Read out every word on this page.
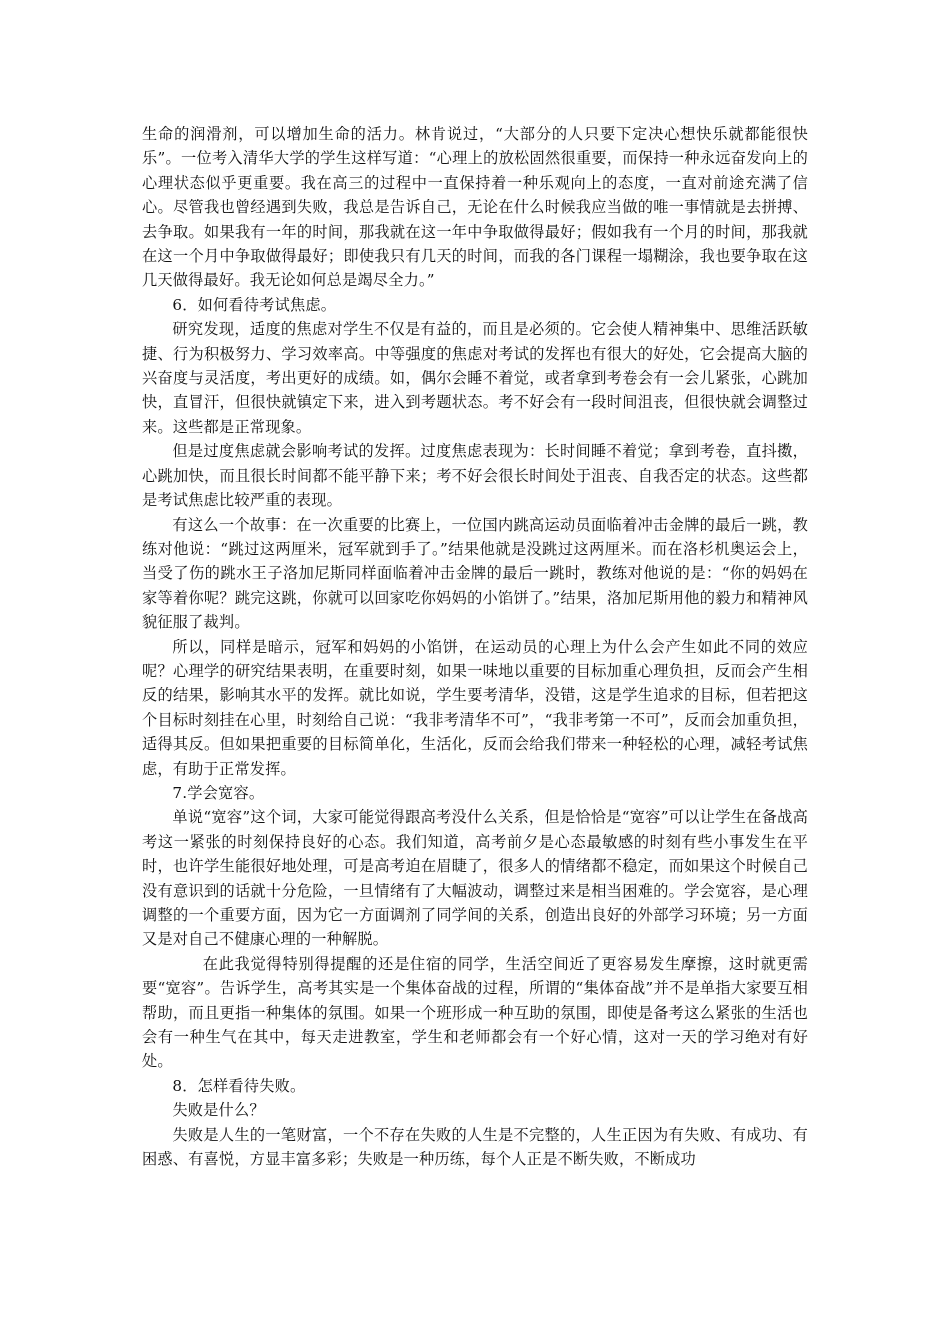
生命的润滑剂，可以增加生命的活力。林肯说过，“大部分的人只要下定决心想快乐就都能很快乐”。一位考入清华大学的学生这样写道：“心理上的放松固然很重要，而保持一种永远奋发向上的心理状态似乎更重要。我在高三的过程中一直保持着一种乐观向上的态度，一直对前途充满了信心。尽管我也曾经遇到失败，我总是告诉自己，无论在什么时候我应当做的唯一事情就是去拼搏、去争取。如果我有一年的时间，那我就在这一年中争取做得最好；假如我有一个月的时间，那我就在这一个月中争取做得最好；即使我只有几天的时间，而我的各门课程一塌糊涂，我也要争取在这几天做得最好。我无论如何总是竭尽全力。”

6．如何看待考试焦虑。

研究发现，适度的焦虑对学生不仅是有益的，而且是必须的。它会使人精神集中、思维活跃敏捷、行为积极努力、学习效率高。中等强度的焦虑对考试的发挥也有很大的好处，它会提高大脑的兴奋度与灵活度，考出更好的成绩。如，偶尔会睡不着觉，或者拿到考卷会有一会儿紧张，心跳加快，直冒汗，但很快就镇定下来，进入到考题状态。考不好会有一段时间沮丧，但很快就会调整过来。这些都是正常现象。

但是过度焦虑就会影响考试的发挥。过度焦虑表现为：长时间睡不着觉；拿到考卷，直抖擞，心跳加快，而且很长时间都不能平静下来；考不好会很长时间处于沮丧、自我否定的状态。这些都是考试焦虑比较严重的表现。

有这么一个故事：在一次重要的比赛上，一位国内跳高运动员面临着冲击金牌的最后一跳，教练对他说：“跳过这两厘米，冠军就到手了。”结果他就是没跳过这两厘米。而在洛杉机奥运会上，当受了伤的跳水王子洛加尼斯同样面临着冲击金牌的最后一跳时，教练对他说的是：“你的妈妈在家等着你呢？跳完这跳，你就可以回家吃你妈妈的小馅饼了。”结果，洛加尼斯用他的毅力和精神风貌征服了裁判。

所以，同样是暗示，冠军和妈妈的小馅饼，在运动员的心理上为什么会产生如此不同的效应呢？心理学的研究结果表明，在重要时刻，如果一味地以重要的目标加重心理负担，反而会产生相反的结果，影响其水平的发挥。就比如说，学生要考清华，没错，这是学生追求的目标，但若把这个目标时刻挂在心里，时刻给自己说：“我非考清华不可”，“我非考第一不可”，反而会加重负担，适得其反。但如果把重要的目标简单化，生活化，反而会给我们带来一种轻松的心理，减轻考试焦虑，有助于正常发挥。

7.学会宽容。

单说“宽容”这个词，大家可能觉得跟高考没什么关系，但是恰恰是“宽容”可以让学生在备战高考这一紧张的时刻保持良好的心态。我们知道，高考前夕是心态最敏感的时刻有些小事发生在平时，也许学生能很好地处理，可是高考迫在眉睫了，很多人的情绪都不稳定，而如果这个时候自己没有意识到的话就十分危险，一旦情绪有了大幅波动，调整过来是相当困难的。学会宽容，是心理调整的一个重要方面，因为它一方面调剂了同学间的关系，创造出良好的外部学习环境；另一方面又是对自己不健康心理的一种解脱。

在此我觉得特别得提醒的还是住宿的同学，生活空间近了更容易发生摩擦，这时就更需要“宽容”。告诉学生，高考其实是一个集体奋战的过程，所谓的“集体奋战”并不是单指大家要互相帮助，而且更指一种集体的氛围。如果一个班形成一种互助的氛围，即使是备考这么紧张的生活也会有一种生气在其中，每天走进教室，学生和老师都会有一个好心情，这对一天的学习绝对有好处。

8．怎样看待失败。

失败是什么？

失败是人生的一笔财富，一个不存在失败的人生是不完整的，人生正因为有失败、有成功、有困惑、有喜悦，方显丰富多彩；失败是一种历练，每个人正是不断失败，不断成功
